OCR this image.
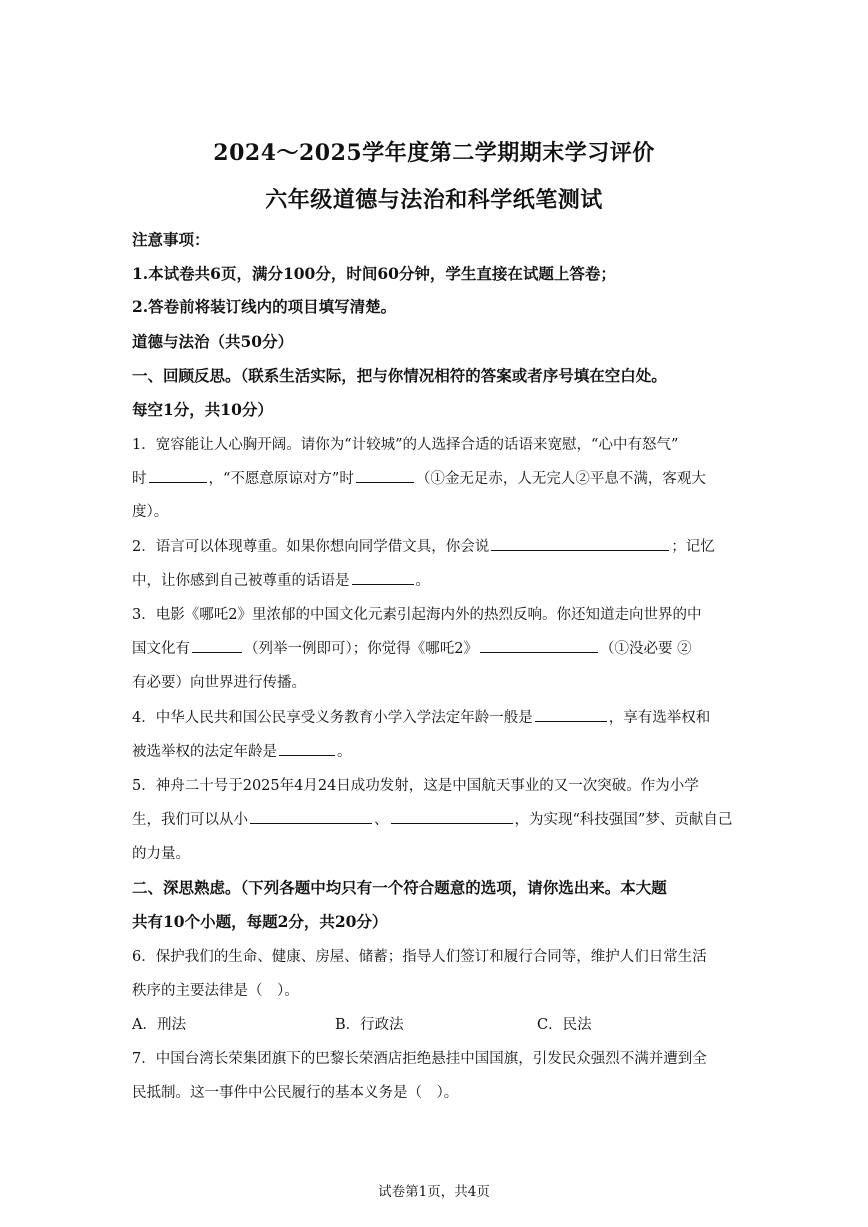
2024～2025学年度第二学期期末学习评价
六年级道德与法治和科学纸笔测试
注意事项：
1.本试卷共6页，满分100分，时间60分钟，学生直接在试题上答卷；
2.答卷前将装订线内的项目填写清楚。
道德与法治（共50分）
一、回顾反思。（联系生活实际，把与你情况相符的答案或者序号填在空白处。
每空1分，共10分）
1．宽容能让人心胸开阔。请你为“计较城”的人选择合适的话语来宽慰，“心中有怒气”
时	，“不愿意原谅对方”时	（①金无足赤，人无完人②平息不满，客观大
度）。
2．语言可以体现尊重。如果你想向同学借文具，你会说	；记忆
中，让你感到自己被尊重的话语是	。
3．电影《哪吒2》里浓郁的中国文化元素引起海内外的热烈反响。你还知道走向世界的中
国文化有	（列举一例即可）；你觉得《哪吒2》	（①没必要 ②
有必要）向世界进行传播。
4．中华人民共和国公民享受义务教育小学入学法定年龄一般是	，享有选举权和
被选举权的法定年龄是	。
5．神舟二十号于2025年4月24日成功发射，这是中国航天事业的又一次突破。作为小学
生，我们可以从小	、	，为实现“科技强国”梦、贡献自己
的力量。
二、深思熟虑。（下列各题中均只有一个符合题意的选项，请你选出来。本大题
共有10个小题，每题2分，共20分）
6．保护我们的生命、健康、房屋、储蓄；指导人们签订和履行合同等，维护人们日常生活
秩序的主要法律是（　）。
A．刑法	B．行政法	C．民法
7．中国台湾长荣集团旗下的巴黎长荣酒店拒绝悬挂中国国旗，引发民众强烈不满并遭到全
民抵制。这一事件中公民履行的基本义务是（　）。
试卷第1页，共4页
